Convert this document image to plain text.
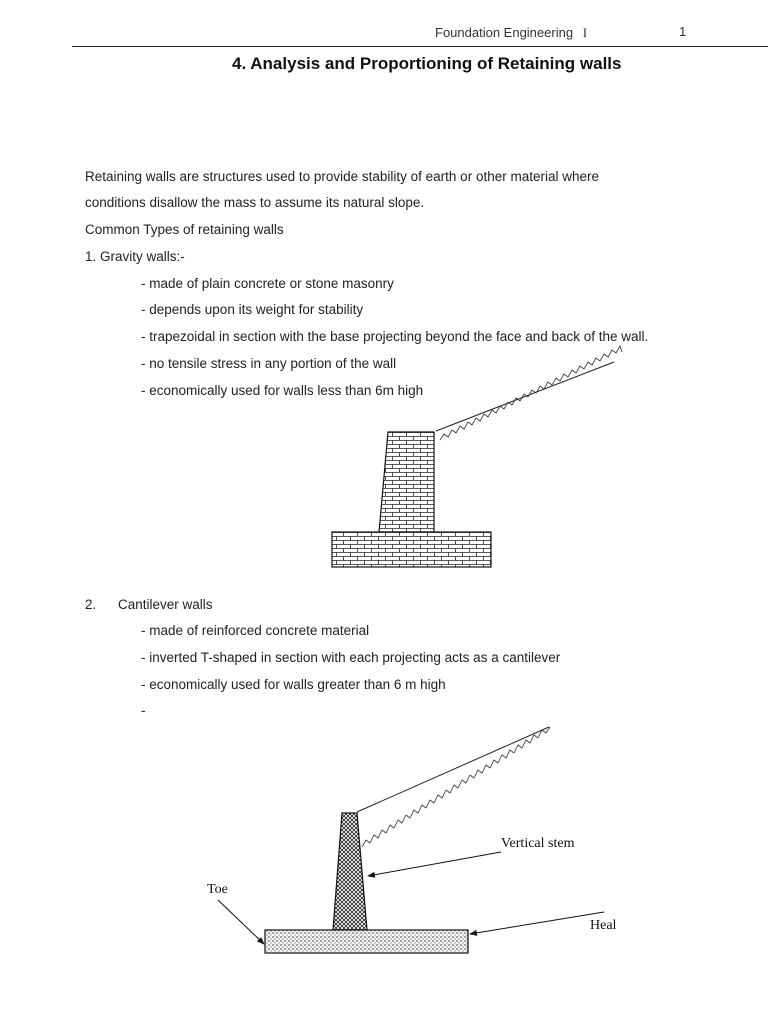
Foundation Engineering I	1
4. Analysis and Proportioning of Retaining walls
Retaining walls are structures used to provide stability of earth or other material where
conditions disallow the mass to assume its natural slope.
Common Types of retaining walls
1. Gravity walls:-
- made of plain concrete or stone masonry
- depends upon its weight for stability
- trapezoidal in section with the base projecting beyond the face and back of the wall.
- no tensile stress in any portion of the wall
- economically used for walls less than 6m high
2. Cantilever walls
- made of reinforced concrete material
- inverted T-shaped in section with each projecting acts as a cantilever
- economically used for walls greater than 6 m high
-
Vertical stem
Toe
Heal
